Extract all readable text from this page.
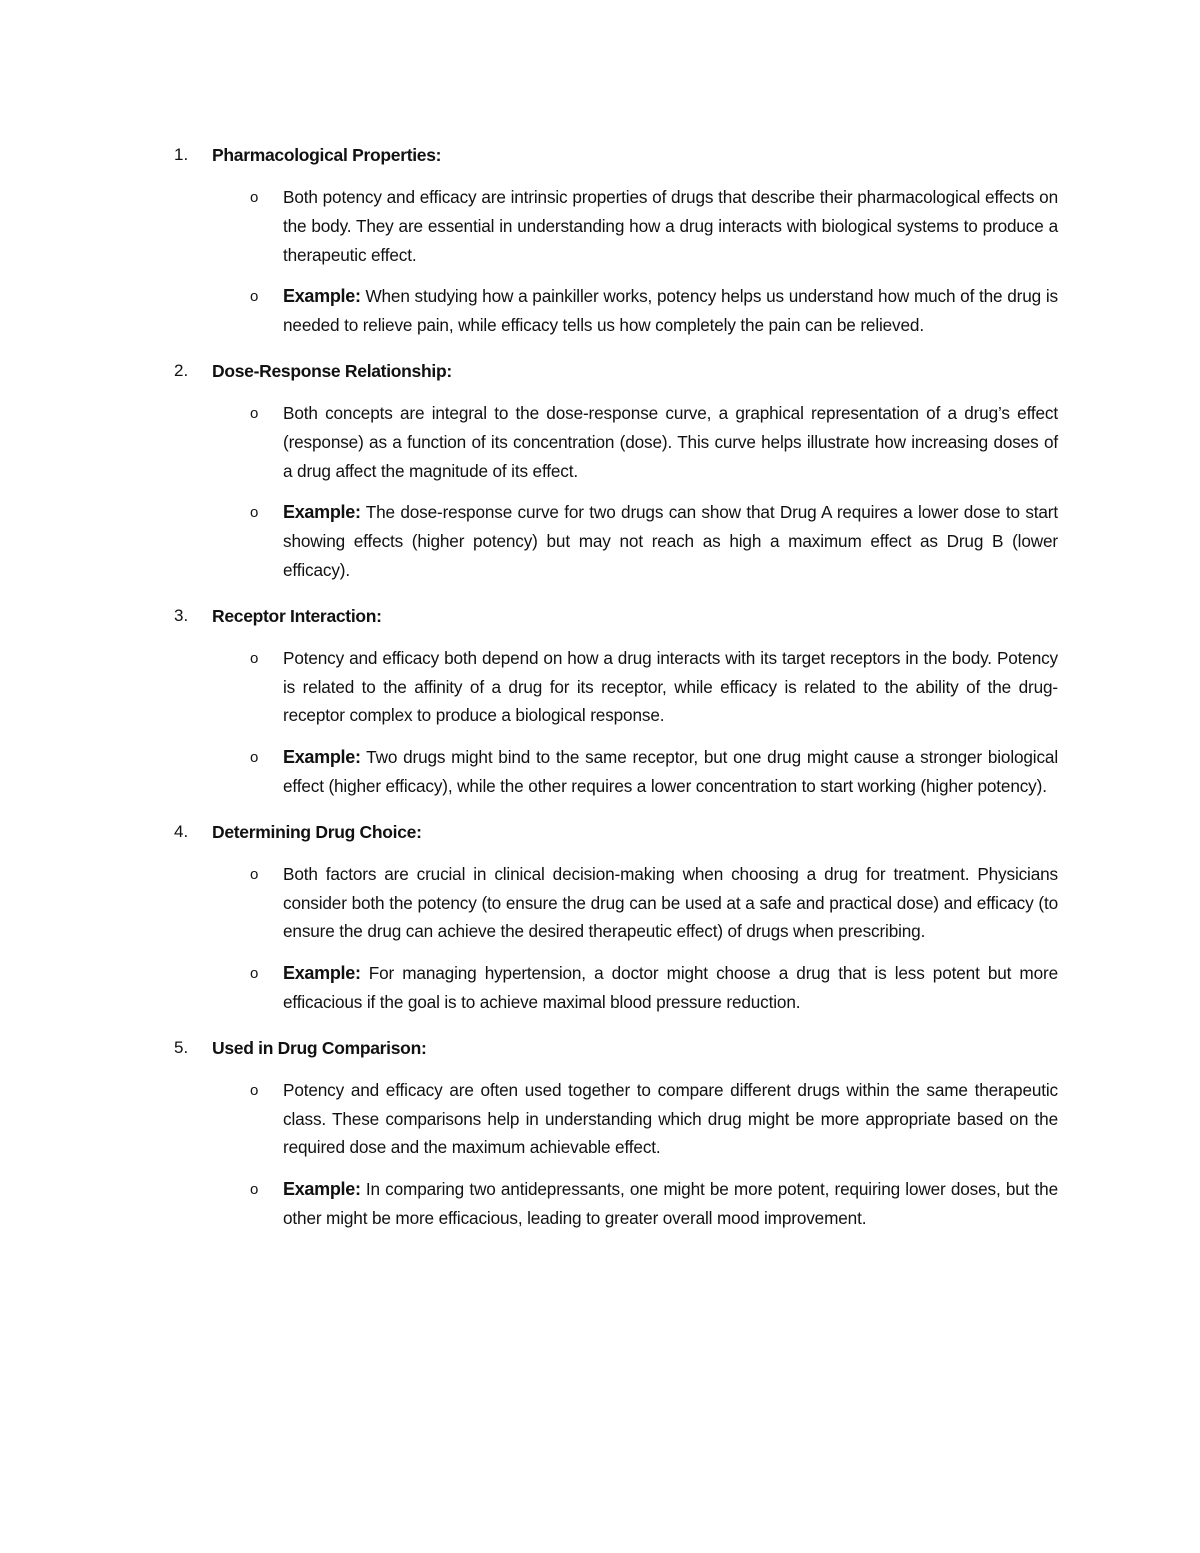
1. Pharmacological Properties:
o Both potency and efficacy are intrinsic properties of drugs that describe their pharmacological effects on the body. They are essential in understanding how a drug interacts with biological systems to produce a therapeutic effect.
o Example: When studying how a painkiller works, potency helps us understand how much of the drug is needed to relieve pain, while efficacy tells us how completely the pain can be relieved.
2. Dose-Response Relationship:
o Both concepts are integral to the dose-response curve, a graphical representation of a drug’s effect (response) as a function of its concentration (dose). This curve helps illustrate how increasing doses of a drug affect the magnitude of its effect.
o Example: The dose-response curve for two drugs can show that Drug A requires a lower dose to start showing effects (higher potency) but may not reach as high a maximum effect as Drug B (lower efficacy).
3. Receptor Interaction:
o Potency and efficacy both depend on how a drug interacts with its target receptors in the body. Potency is related to the affinity of a drug for its receptor, while efficacy is related to the ability of the drug-receptor complex to produce a biological response.
o Example: Two drugs might bind to the same receptor, but one drug might cause a stronger biological effect (higher efficacy), while the other requires a lower concentration to start working (higher potency).
4. Determining Drug Choice:
o Both factors are crucial in clinical decision-making when choosing a drug for treatment. Physicians consider both the potency (to ensure the drug can be used at a safe and practical dose) and efficacy (to ensure the drug can achieve the desired therapeutic effect) of drugs when prescribing.
o Example: For managing hypertension, a doctor might choose a drug that is less potent but more efficacious if the goal is to achieve maximal blood pressure reduction.
5. Used in Drug Comparison:
o Potency and efficacy are often used together to compare different drugs within the same therapeutic class. These comparisons help in understanding which drug might be more appropriate based on the required dose and the maximum achievable effect.
o Example: In comparing two antidepressants, one might be more potent, requiring lower doses, but the other might be more efficacious, leading to greater overall mood improvement.
